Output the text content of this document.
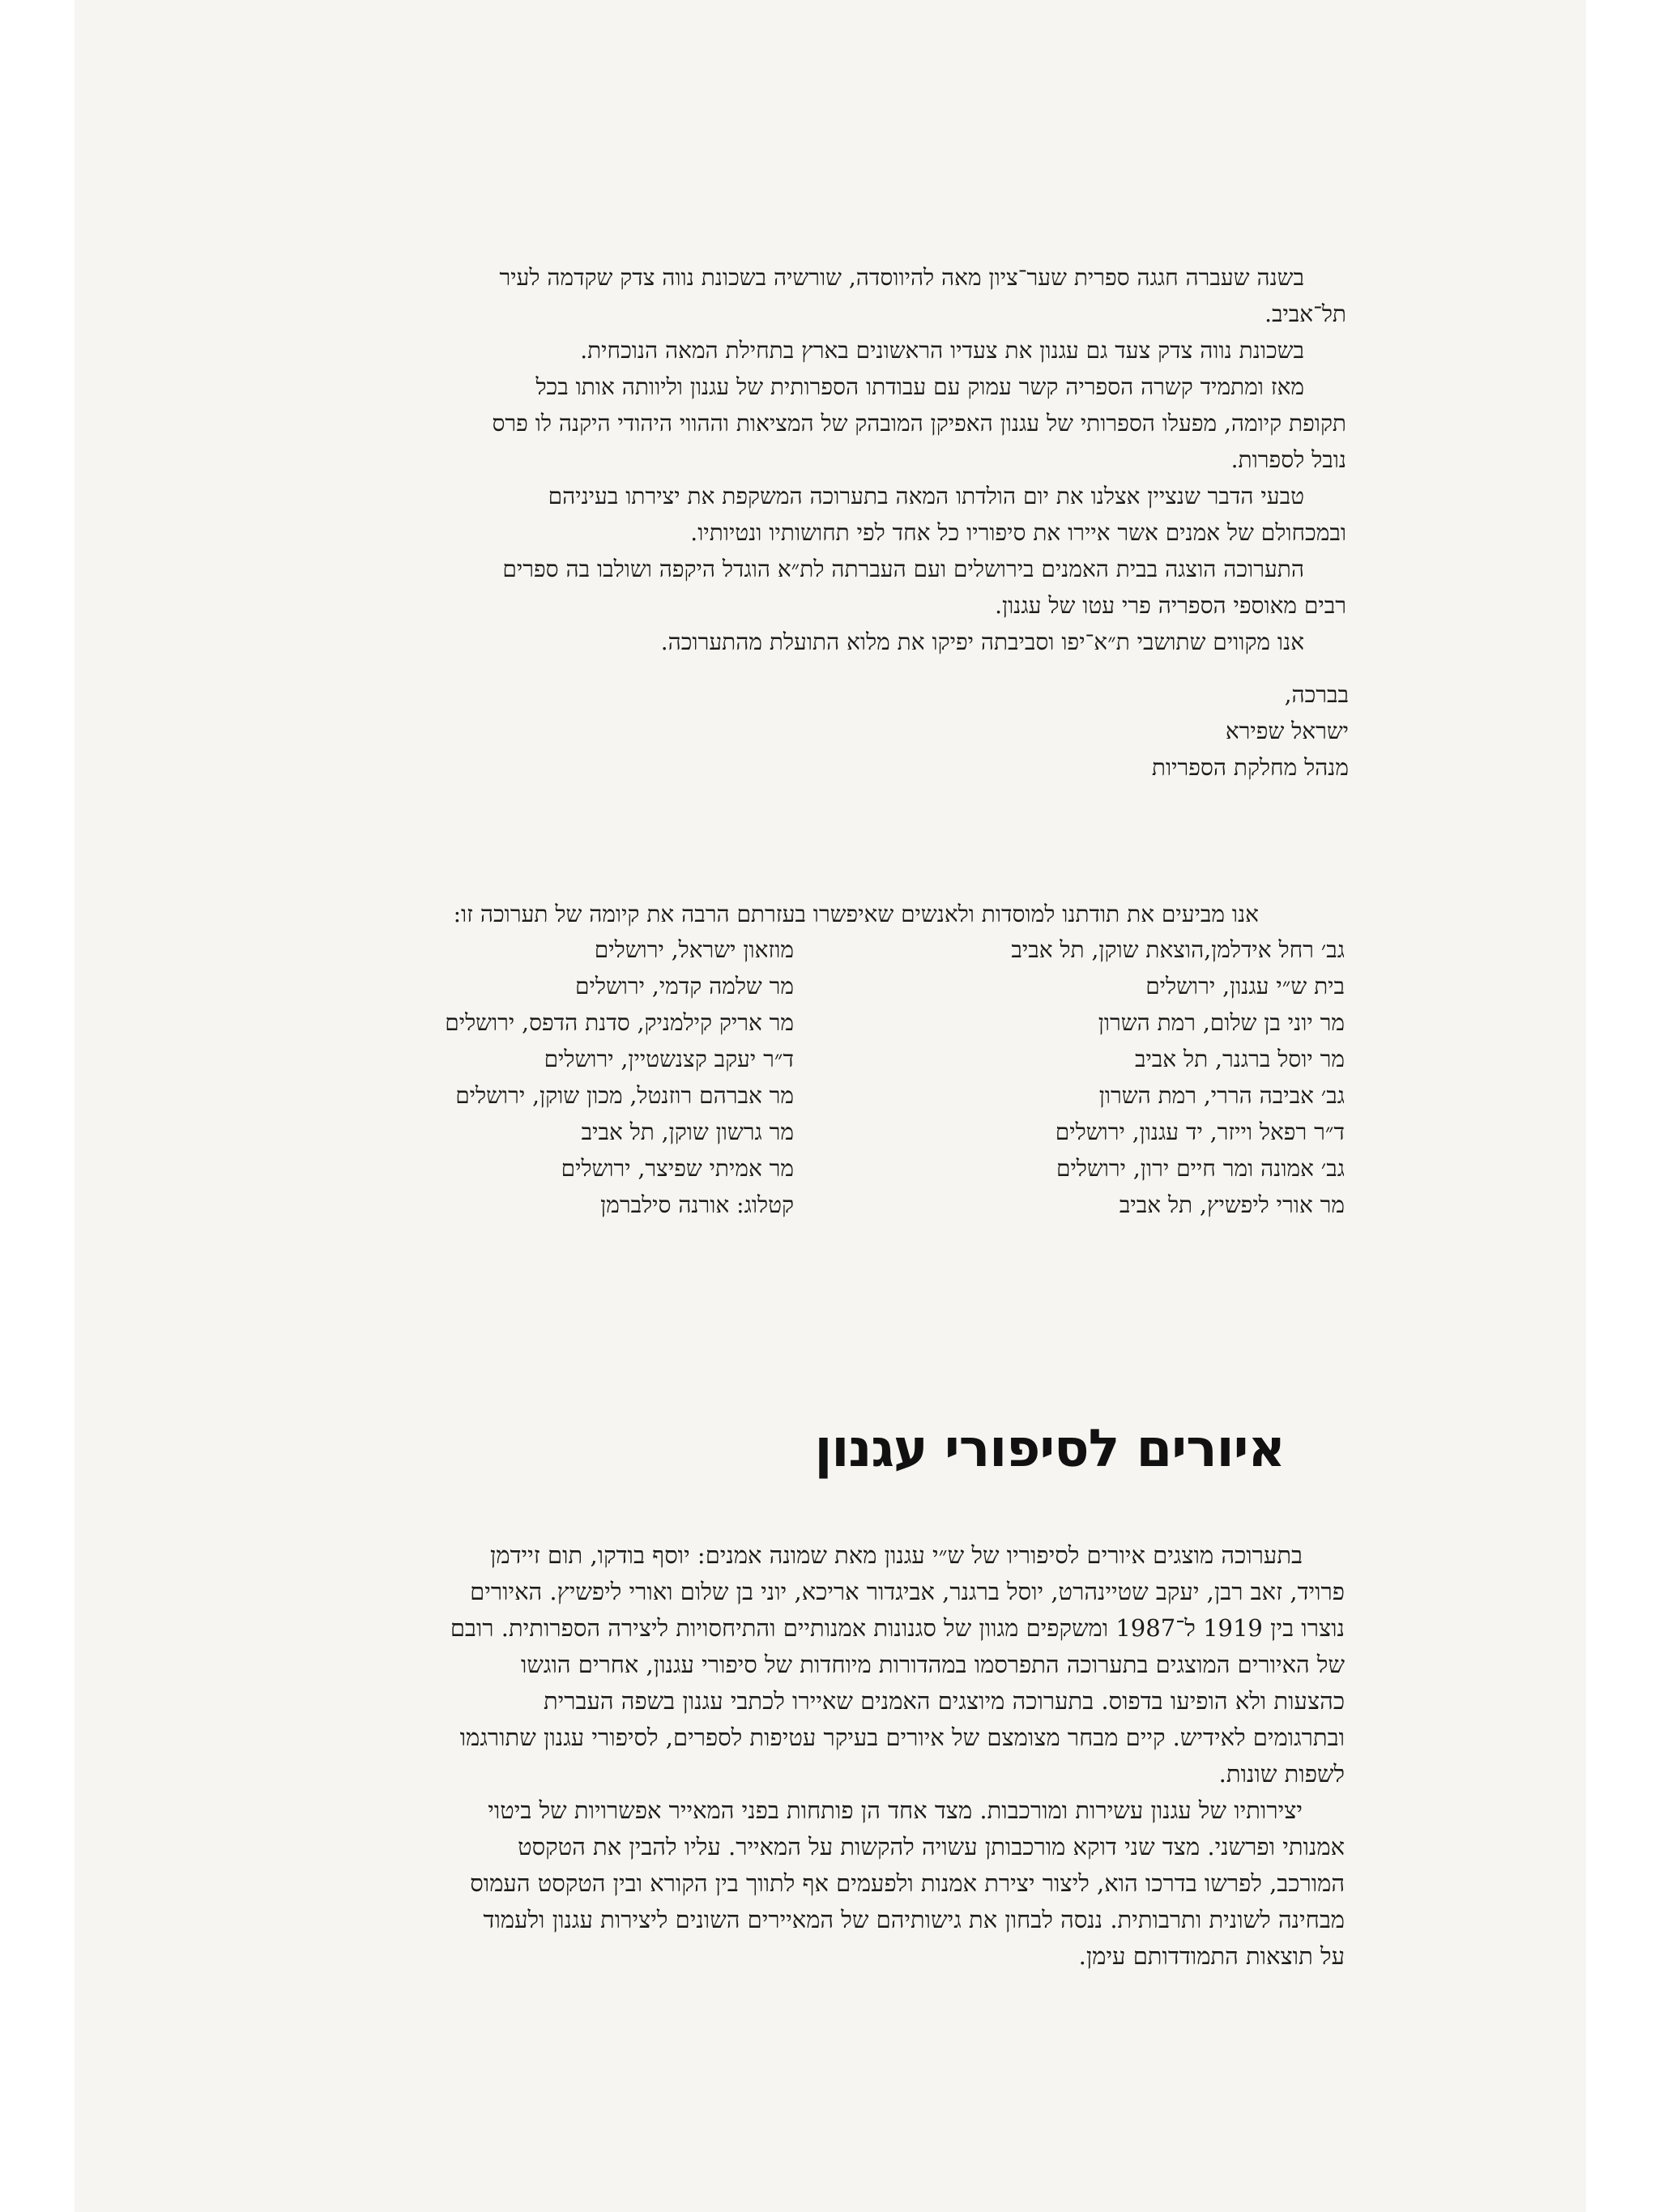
בשנה שעברה חגגה ספרית שער־ציון מאה להיווסדה, שורשיה בשכונת נווה צדק שקדמה לעיר
תל־אביב.
בשכונת נווה צדק צעד גם עגנון את צעדיו הראשונים בארץ בתחילת המאה הנוכחית.
מאז ומתמיד קשרה הספריה קשר עמוק עם עבודתו הספרותית של עגנון וליוותה אותו בכל
תקופת קיומה, מפעלו הספרותי של עגנון האפיקן המובהק של המציאות וההווי היהודי היקנה לו פרס
נובל לספרות.
טבעי הדבר שנציין אצלנו את יום הולדתו המאה בתערוכה המשקפת את יצירתו בעיניהם
ובמכחולם של אמנים אשר איירו את סיפוריו כל אחד לפי תחושותיו ונטיותיו.
התערוכה הוצגה בבית האמנים בירושלים ועם העברתה לת״א הוגדל היקפה ושולבו בה ספרים
רבים מאוספי הספריה פרי עטו של עגנון.
אנו מקווים שתושבי ת״א־יפו וסביבתה יפיקו את מלוא התועלת מהתערוכה.
בברכה,
ישראל שפירא
מנהל מחלקת הספריות
אנו מביעים את תודתנו למוסדות ולאנשים שאיפשרו בעזרתם הרבה את קיומה של תערוכה זו:
גב׳ רחל אידלמן,הוצאת שוקן, תל אביב
בית ש״י עגנון, ירושלים
מר יוני בן שלום, רמת השרון
מר יוסל ברגנר, תל אביב
גב׳ אביבה הררי, רמת השרון
ד״ר רפאל וייזר, יד עגנון, ירושלים
גב׳ אמונה ומר חיים ירון, ירושלים
מר אורי ליפשיץ, תל אביב
מוזאון ישראל, ירושלים
מר שלמה קדמי, ירושלים
מר אריק קילמניק, סדנת הדפס, ירושלים
ד״ר יעקב קצנשטיין, ירושלים
מר אברהם רוזנטל, מכון שוקן, ירושלים
מר גרשון שוקן, תל אביב
מר אמיתי שפיצר, ירושלים
קטלוג: אורנה סילברמן
איורים לסיפורי עגנון
בתערוכה מוצגים איורים לסיפוריו של ש״י עגנון מאת שמונה אמנים: יוסף בודקו, תום זיידמן
פרויד, זאב רבן, יעקב שטיינהרט, יוסל ברגנר, אביגדור אריכא, יוני בן שלום ואורי ליפשיץ. האיורים
נוצרו בין 1919 ל־1987 ומשקפים מגוון של סגנונות אמנותיים והתיחסויות ליצירה הספרותית. רובם
של האיורים המוצגים בתערוכה התפרסמו במהדורות מיוחדות של סיפורי עגנון, אחרים הוגשו
כהצעות ולא הופיעו בדפוס. בתערוכה מיוצגים האמנים שאיירו לכתבי עגנון בשפה העברית
ובתרגומים לאידיש. קיים מבחר מצומצם של איורים בעיקר עטיפות לספרים, לסיפורי עגנון שתורגמו
לשפות שונות.
יצירותיו של עגנון עשירות ומורכבות. מצד אחד הן פותחות בפני המאייר אפשרויות של ביטוי
אמנותי ופרשני. מצד שני דוקא מורכבותן עשויה להקשות על המאייר. עליו להבין את הטקסט
המורכב, לפרשו בדרכו הוא, ליצור יצירת אמנות ולפעמים אף לתווך בין הקורא ובין הטקסט העמוס
מבחינה לשונית ותרבותית. ננסה לבחון את גישותיהם של המאיירים השונים ליצירות עגנון ולעמוד
על תוצאות התמודדותם עימן.
